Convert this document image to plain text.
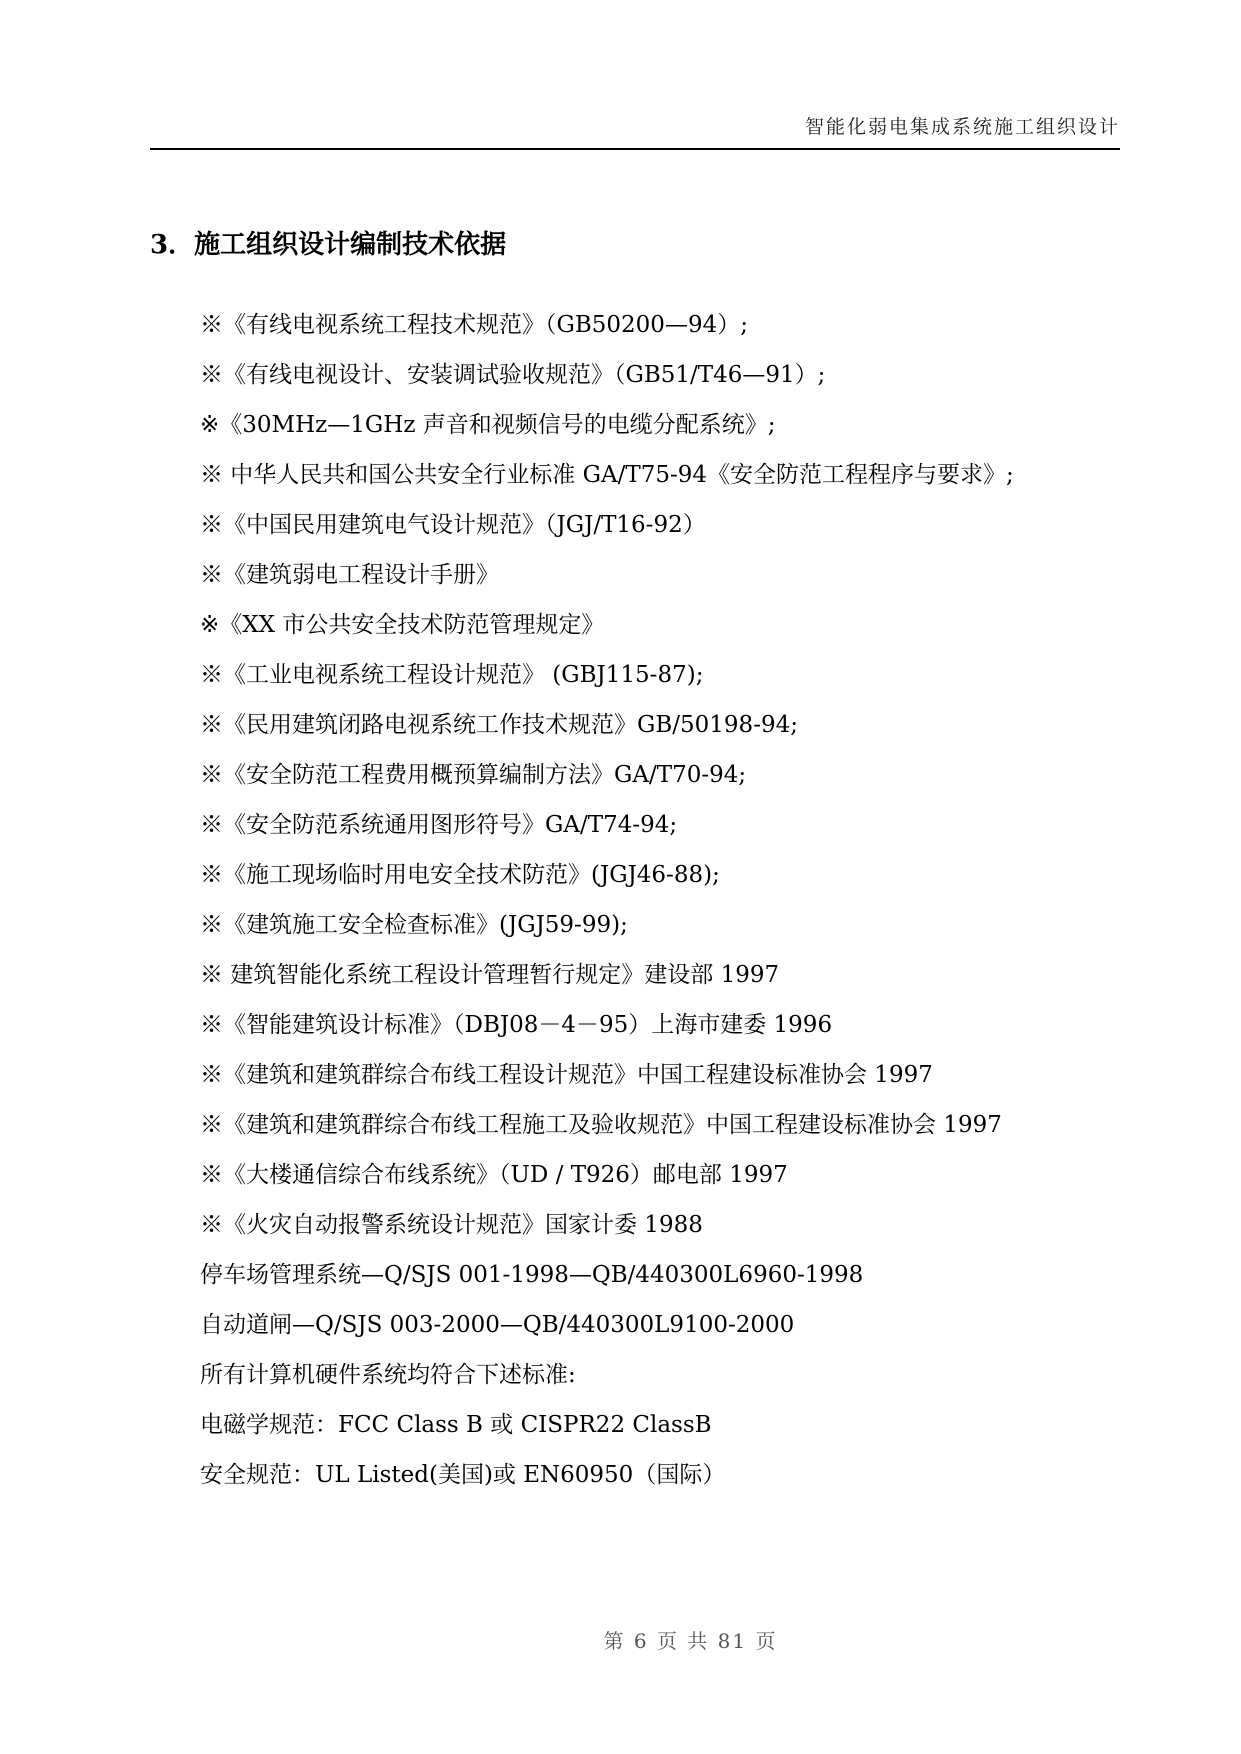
智能化弱电集成系统施工组织设计
3．施工组织设计编制技术依据
※《有线电视系统工程技术规范》（GB50200—94）;
※《有线电视设计、安装调试验收规范》（GB51/T46—91）;
※《30MHz—1GHz 声音和视频信号的电缆分配系统》;
※ 中华人民共和国公共安全行业标准 GA/T75-94《安全防范工程程序与要求》;
※《中国民用建筑电气设计规范》（JGJ/T16-92）
※《建筑弱电工程设计手册》
※《XX 市公共安全技术防范管理规定》
※《工业电视系统工程设计规范》 (GBJ115-87);
※《民用建筑闭路电视系统工作技术规范》GB/50198-94;
※《安全防范工程费用概预算编制方法》GA/T70-94;
※《安全防范系统通用图形符号》GA/T74-94;
※《施工现场临时用电安全技术防范》(JGJ46-88);
※《建筑施工安全检查标准》(JGJ59-99);
※ 建筑智能化系统工程设计管理暂行规定》建设部 1997
※《智能建筑设计标准》（DBJ08－4－95）上海市建委 1996
※《建筑和建筑群综合布线工程设计规范》中国工程建设标准协会 1997
※《建筑和建筑群综合布线工程施工及验收规范》中国工程建设标准协会 1997
※《大楼通信综合布线系统》（UD / T926）邮电部 1997
※《火灾自动报警系统设计规范》国家计委 1988
停车场管理系统—Q/SJS 001-1998—QB/440300L6960-1998
自动道闸—Q/SJS 003-2000—QB/440300L9100-2000
所有计算机硬件系统均符合下述标准:
电磁学规范：FCC Class B 或 CISPR22 ClassB
安全规范：UL Listed(美国)或 EN60950（国际）
第 6 页 共 81 页
